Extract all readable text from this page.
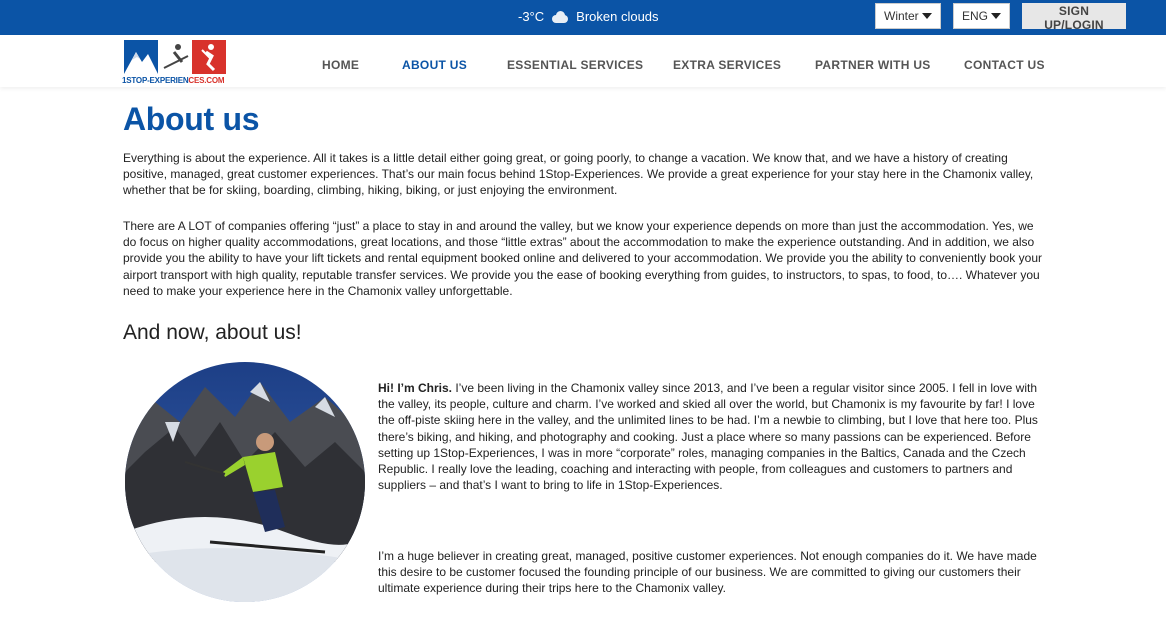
-3°C Broken clouds	Winter	ENG	SIGN UP/LOGIN
1STOP-EXPERIENCES.COM
HOME	ABOUT US	ESSENTIAL SERVICES EXTRA SERVICES	PARTNER WITH US	CONTACT US
About us

Everything is about the experience. All it takes is a little detail either going great, or going poorly, to change a vacation. We know that, and we have a history of creating positive, managed, great customer experiences. That’s our main focus behind 1Stop-Experiences. We provide a great experience for your stay here in the Chamonix valley, whether that be for skiing, boarding, climbing, hiking, biking, or just enjoying the environment.

There are A LOT of companies offering “just” a place to stay in and around the valley, but we know your experience depends on more than just the accommodation. Yes, we do focus on higher quality accommodations, great locations, and those “little extras” about the accommodation to make the experience outstanding. And in addition, we also provide you the ability to have your lift tickets and rental equipment booked online and delivered to your accommodation. We provide you the ability to conveniently book your airport transport with high quality, reputable transfer services. We provide you the ease of booking everything from guides, to instructors, to spas, to food, to…. Whatever you need to make your experience here in the Chamonix valley unforgettable.

And now, about us!

Hi! I’m Chris. I’ve been living in the Chamonix valley since 2013, and I’ve been a regular visitor since 2005. I fell in love with the valley, its people, culture and charm. I’ve worked and skied all over the world, but Chamonix is my favourite by far! I love the off-piste skiing here in the valley, and the unlimited lines to be had. I’m a newbie to climbing, but I love that here too. Plus there’s biking, and hiking, and photography and cooking. Just a place where so many passions can be experienced. Before setting up 1Stop-Experiences, I was in more “corporate” roles, managing companies in the Baltics, Canada and the Czech Republic. I really love the leading, coaching and interacting with people, from colleagues and customers to partners and suppliers – and that’s I want to bring to life in 1Stop-Experiences.

I’m a huge believer in creating great, managed, positive customer experiences. Not enough companies do it. We have made this desire to be customer focused the founding principle of our business. We are committed to giving our customers their ultimate experience during their trips here to the Chamonix valley.
